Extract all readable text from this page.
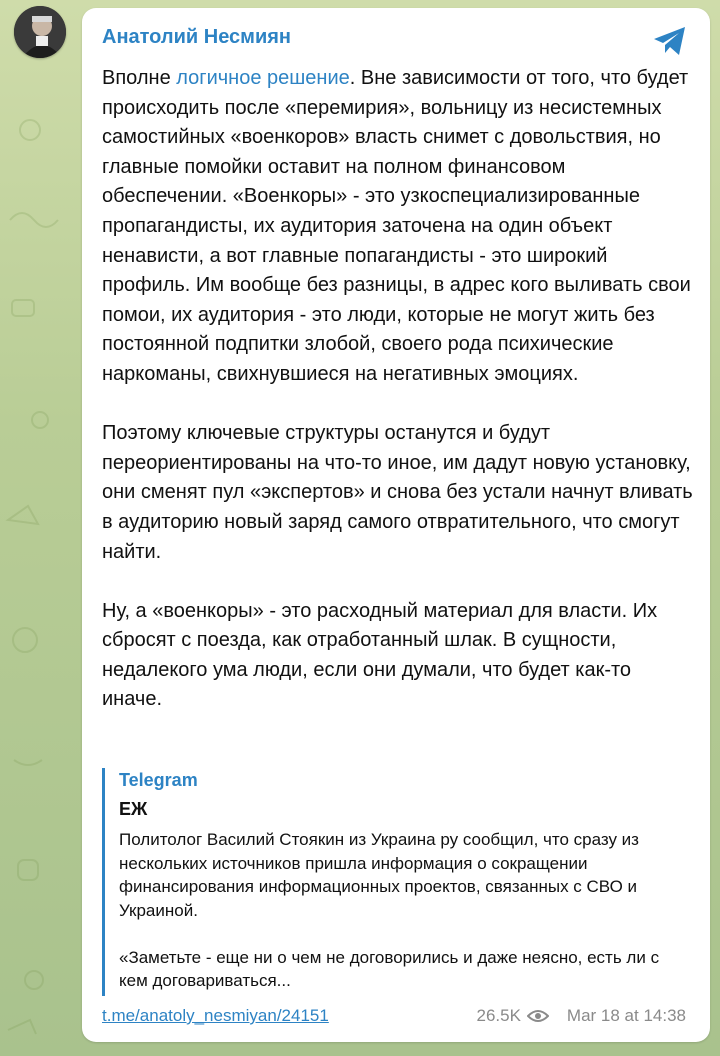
Анатолий Несмиян

Вполне логичное решение. Вне зависимости от того, что будет происходить после «перемирия», вольницу из несистемных самостийных «военкоров» власть снимет с довольствия, но главные помойки оставит на полном финансовом обеспечении. «Военкоры» - это узкоспециализированные пропагандисты, их аудитория заточена на один объект ненависти, а вот главные попагандисты - это широкий профиль. Им вообще без разницы, в адрес кого выливать свои помои, их аудитория - это люди, которые не могут жить без постоянной подпитки злобой, своего рода психические наркоманы, свихнувшиеся на негативных эмоциях.

Поэтому ключевые структуры останутся и будут переориентированы на что-то иное, им дадут новую установку, они сменят пул «экспертов» и снова без устали начнут вливать в аудиторию новый заряд самого отвратительного, что смогут найти.

Ну, а «военкоры» - это расходный материал для власти. Их сбросят с поезда, как отработанный шлак. В сущности, недалекого ума люди, если они думали, что будет как-то иначе.

Telegram
ЕЖ

Политолог Василий Стоякин из Украина ру сообщил, что сразу из нескольких источников пришла информация о сокращении финансирования информационных проектов, связанных с СВО и Украиной.

«Заметьте - еще ни о чем не договорились и даже неясно, есть ли с кем договариваться...

t.me/anatoly_nesmiyan/24151	26.5K	Mar 18 at 14:38
